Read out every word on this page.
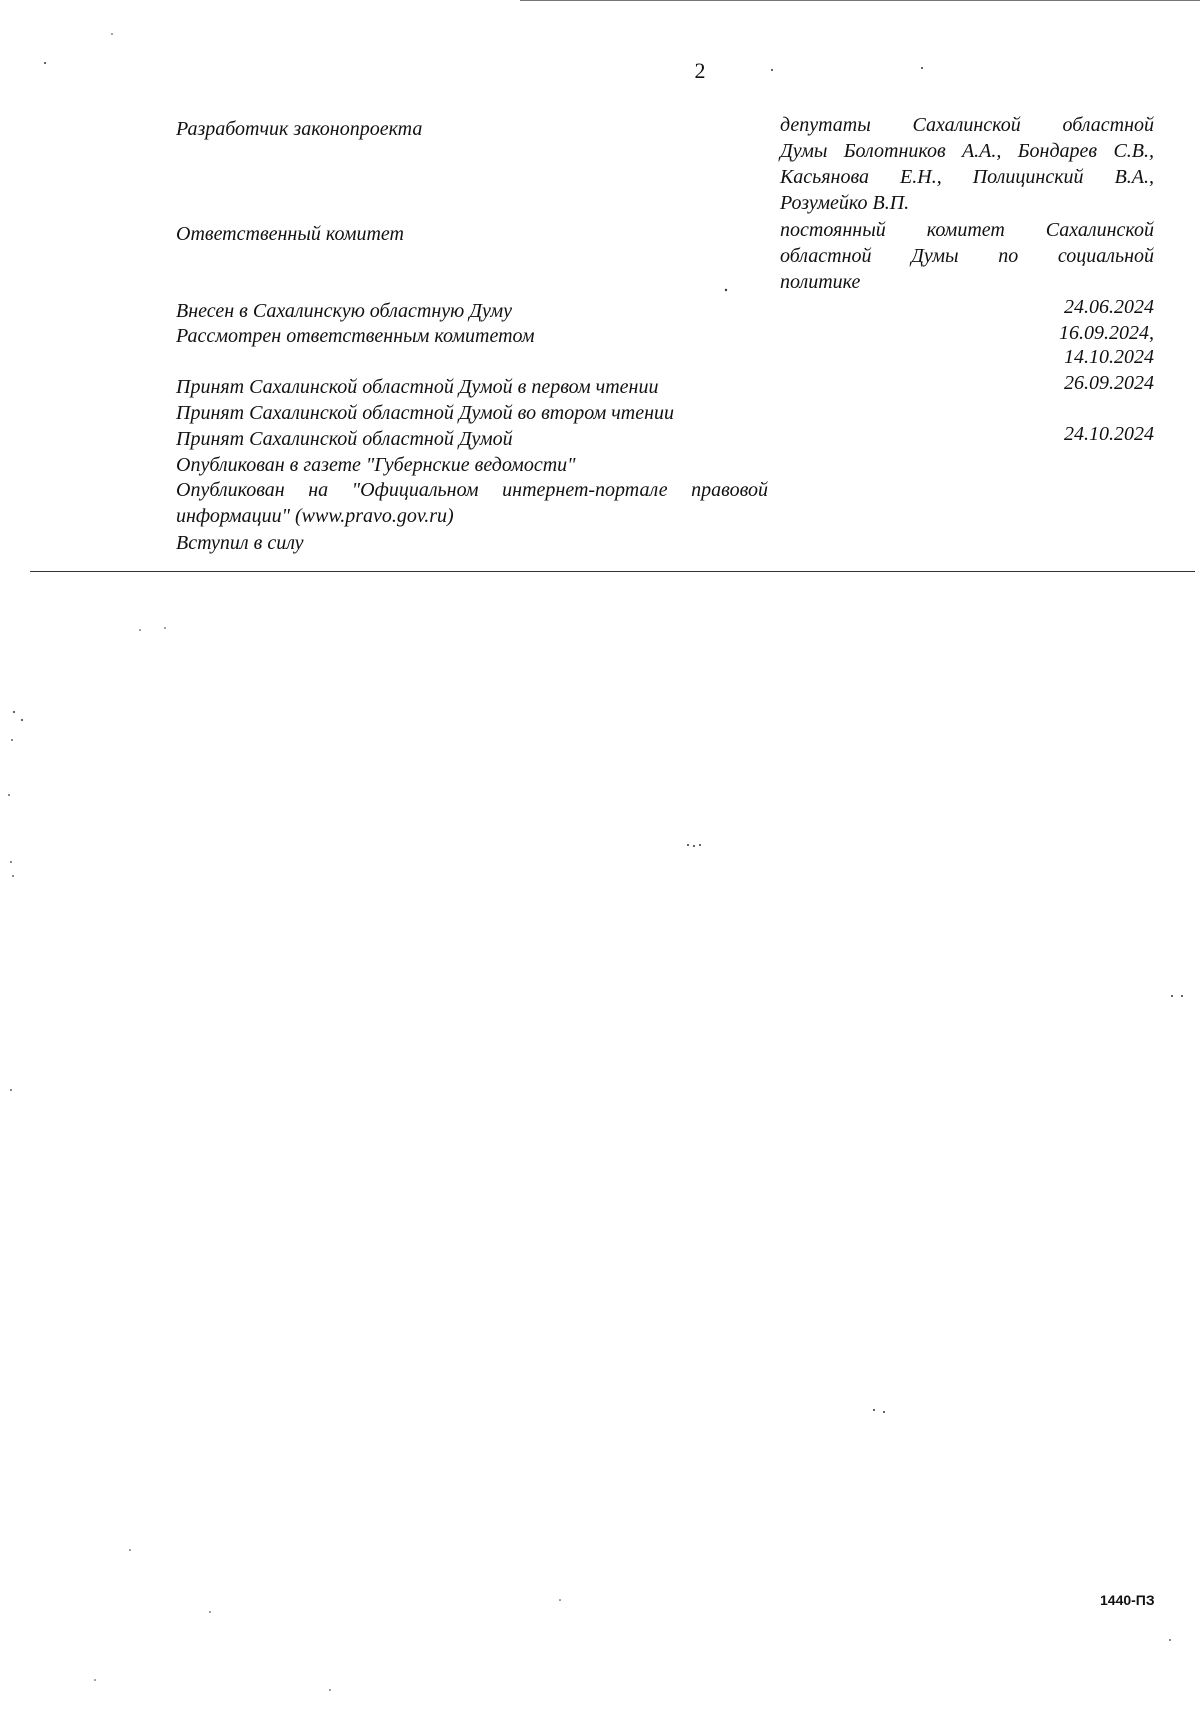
2
Разработчик законопроекта	депутаты Сахалинской областной
Думы Болотников А.А., Бондарев С.В.,
Касьянова Е.Н., Полицинский В.А.,
Розумейко В.П.
Ответственный комитет	постоянный комитет Сахалинской
областной Думы по социальной
политике
Внесен в Сахалинскую областную Думу	24.06.2024
Рассмотрен ответственным комитетом	16.09.2024,
14.10.2024
Принят Сахалинской областной Думой в первом чтении	26.09.2024
Принят Сахалинской областной Думой во втором чтении
Принят Сахалинской областной Думой	24.10.2024
Опубликован в газете "Губернские ведомости"
Опубликован на "Официальном интернет-портале правовой
информации" (www.pravo.gov.ru)
Вступил в силу
1440-ПЗ
